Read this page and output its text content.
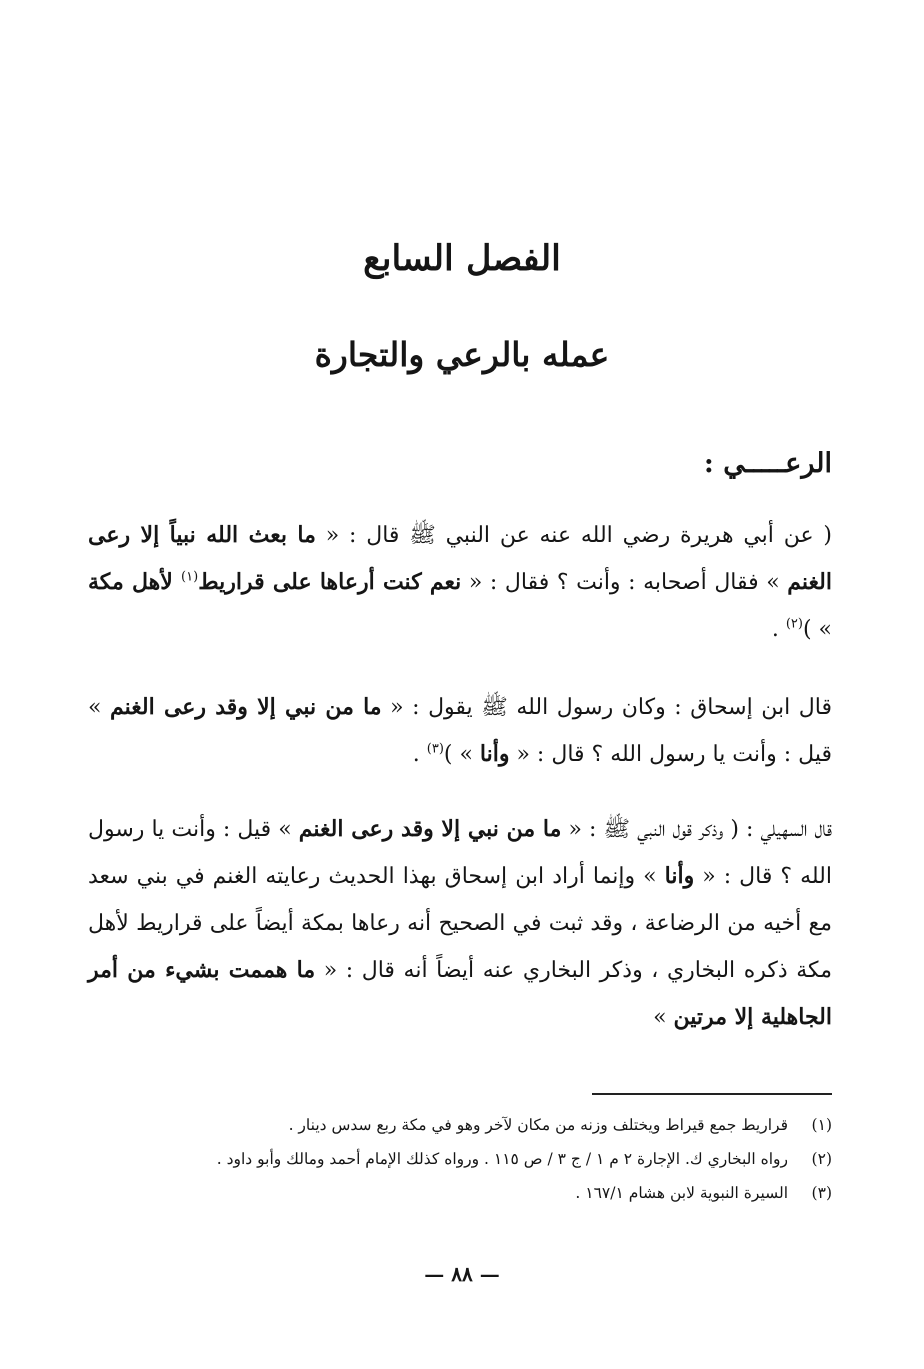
الفصل السابع
عمله بالرعي والتجارة
الرعـــــي :

( عن أبي هريرة رضي الله عنه عن النبي ﷺ قال : « ما بعث الله نبياً إلا رعى الغنم » فقال أصحابه : وأنت ؟ فقال : « نعم كنت أرعاها على قراريط$^{(١)}$ لأهل مكة » )$^{(٢)}$ .

قال ابن إسحاق : وكان رسول الله ﷺ يقول : « ما من نبي إلا وقد رعى الغنم » قيل : وأنت يا رسول الله ؟ قال : « وأنا » )$^{(٣)}$ .

قال السهيلي : ( وذكر قول النبي ﷺ : « ما من نبي إلا وقد رعى الغنم » قيل : وأنت يا رسول الله ؟ قال : « وأنا » وإنما أراد ابن إسحاق بهذا الحديث رعايته الغنم في بني سعد مع أخيه من الرضاعة ، وقد ثبت في الصحيح أنه رعاها بمكة أيضاً على قراريط لأهل مكة ذكره البخاري ، وذكر البخاري عنه أيضاً أنه قال : « ما هممت بشيء من أمر الجاهلية إلا مرتين »

(١)
قراريط جمع قيراط ويختلف وزنه من مكان لآخر وهو في مكة ربع سدس دينار .
(٢)
رواه البخاري ك. الإجارة ٢ م ١ / ج ٣ / ص ١١٥ . ورواه كذلك الإمام أحمد ومالك وأبو داود .
(٣)
السيرة النبوية لابن هشام ١٦٧/١ .
— ٨٨ —
